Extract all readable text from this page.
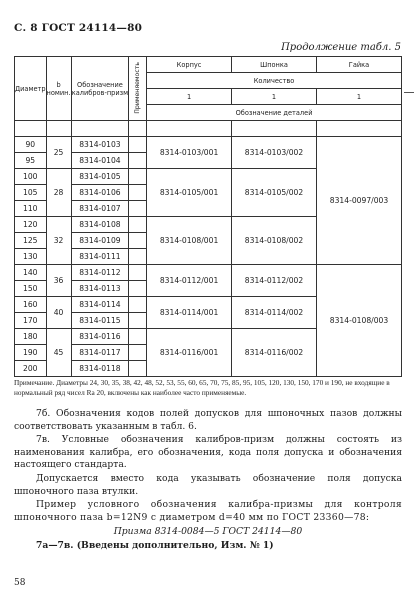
С. 8 ГОСТ 24114—80
Продолжение табл. 5
Диаметр	b номин.	Обозначение калибров-призм	Применяемость	Корпус	Шпонка	Гайка
				Количество		
				1	1	1
				Обозначение деталей		

90	25	8314-0103		8314-0103/001	8314-0103/002	8314-0097/003
95		8314-0104				
100	28	8314-0105		8314-0105/001	8314-0105/002	
105		8314-0106				
110		8314-0107				
120	32	8314-0108		8314-0108/001	8314-0108/002	
125		8314-0109				
130		8314-0111				
140	36	8314-0112		8314-0112/001	8314-0112/002	8314-0108/003
150		8314-0113				
160	40	8314-0114		8314-0114/001	8314-0114/002	
170		8314-0115				
180	45	8314-0116		8314-0116/001	8314-0116/002	
190		8314-0117				
200		8314-0118				
Примечание. Диаметры 24, 30, 35, 38, 42, 48, 52, 53, 55, 60, 65, 70, 75, 85, 95, 105, 120, 130, 150, 170 и 190, не входящие в нормальный ряд чисел Ra 20, включены как наиболее часто применяемые.
7б. Обозначения кодов полей допусков для шпоночных пазов должны соответствовать указанным в табл. 6.
7в. Условные обозначения калибров-призм должны состоять из наименования калибра, его обозначения, кода поля допуска и обозначения настоящего стандарта.
Допускается вместо кода указывать обозначение поля допуска шпоночного паза втулки.
Пример условного обозначения калибра-призмы для контроля шпоночного паза b=12N9 с диаметром d=40 мм по ГОСТ 23360—78:
Призма 8314-0084—5 ГОСТ 24114—80
7а—7в. (Введены дополнительно, Изм. № 1)
58
